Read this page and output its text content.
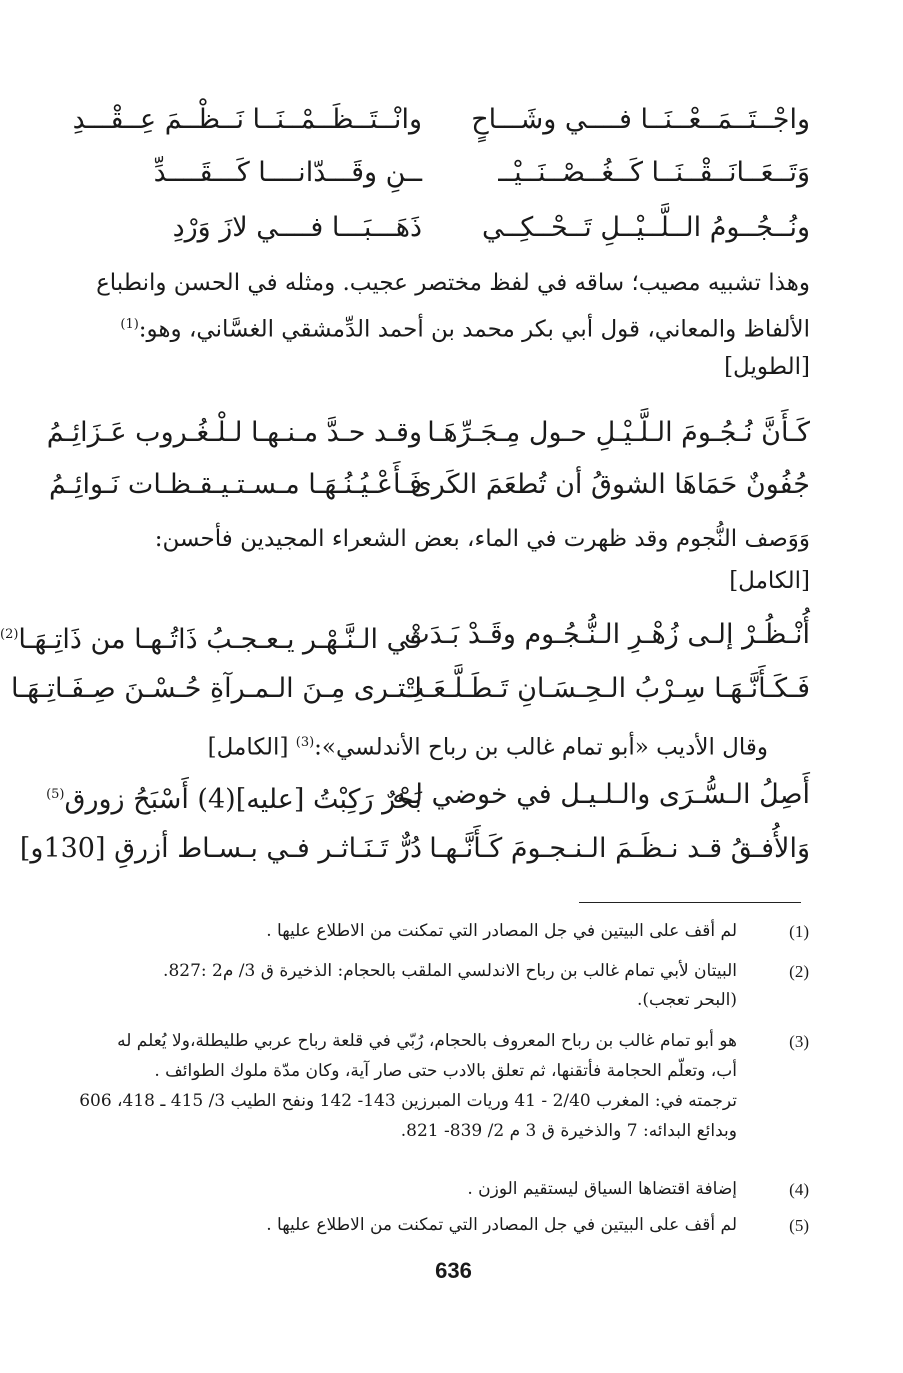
واجْــتَــمَــعْــنَــا فــــي وشَـــاحٍ
وانْــتَــظَــمْــنَــا نَــظْــمَ عِــقْـــدِ
وَتَــعَــانَــقْــنَــا كَــغُــصْــنَــيْــ
ــنِ وقَـــدّانــــا كَـــقَــــدِّ
ونُــجُــومُ الــلَّــيْــلِ تَــحْــكِــي
ذَهَـــبَـــا فــــي لازَ وَرْدِ
وهذا تشبيه مصيب؛ ساقه في لفظ مختصر عجيب. ومثله في الحسن وانطباع
الألفاظ والمعاني، قول أبي بكر محمد بن أحمد الدِّمشقي الغسَّاني، وهو:$^{(1)}$
[الطويل]
كَـأَنَّ نُـجُـومَ الـلَّـيْـلِ حـول مِـجَـرِّهَـا
وقـد حـدَّ مـنـهـا لـلْـغُـروب عَـزَائِـمُ
جُفُونٌ حَمَاهَا الشوقُ أن تُطعَمَ الكَرى
فَـأَعْـيُـنُـهَـا مـسـتـيـقـظـات نَـوائِـمُ
وَوَصف النُّجوم وقد ظهرت في الماء، بعض الشعراء المجيدين فأحسن:
[الكامل]
أُنْـظُـرْ إلـى زُهْـرِ الـنُّـجُـوم وقَـدْ بَـدَتْ
في الـنَّـهْـر يـعـجـبُ ذَاتُـهـا من ذَاتِـهَـا$^{(2)}$
فَـكَـأَنَّـهَـا سِـرْبُ الـحِـسَـانِ تَـطَـلَّـعَـتْ
لِـتـرى مِـنَ الـمـرآةِ حُـسْـنَ صِـفَـاتِـهَـا
وقال الأديب «أبو تمام غالب بن رباح الأندلسي»:$^{(3)}$ [الكامل]
أَصِلُ الـسُّـرَى والـلـيـل في خوضي لـه
بَحْرٌ رَكِبْتُ [عليه](4) أَسْبَحُ زورق$^{(5)}$
وَالأُفـقُ قـد نـظَـمَ الـنـجـومَ كَـأَنَّـهـا
دُرٌّ تَـنَـاثـر فـي بـسـاط أزرقِ [130و]
(1)
لم أقف على البيتين في جل المصادر التي تمكنت من الاطلاع عليها .
(2)
البيتان لأبي تمام غالب بن رباح الاندلسي الملقب بالحجام: الذخيرة ق 3/ م2 :827.
(البحر تعجب).
(3)
هو أبو تمام غالب بن رباح المعروف بالحجام، رُبّي في قلعة رباح عربي طليطلة،ولا يُعلم له
أب، وتعلّم الحجامة فأتقنها، ثم تعلق بالادب حتى صار آية، وكان مدّة ملوك الطوائف .
ترجمته في: المغرب 2/40 - 41 وريات المبرزين 143- 142 ونفح الطيب 3/ 415 ـ 418، 606
وبدائع البدائه: 7 والذخيرة ق 3 م 2/ 839- 821.
(4)
إضافة اقتضاها السياق ليستقيم الوزن .
(5)
لم أقف على البيتين في جل المصادر التي تمكنت من الاطلاع عليها .
636
